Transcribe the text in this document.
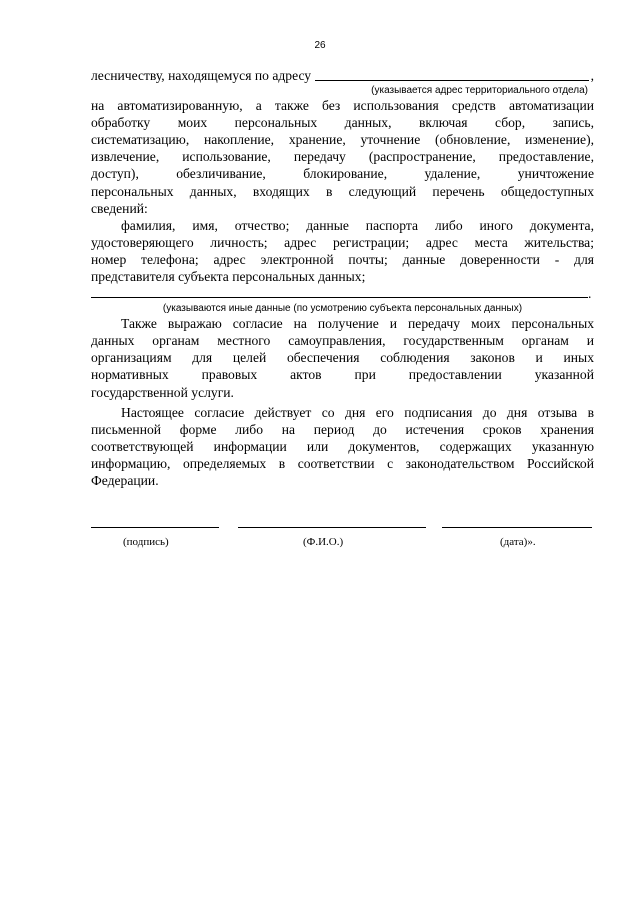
26
лесничеству, находящемуся по адресу	,
(указывается адрес территориального отдела)

на автоматизированную, а также без использования средств автоматизации

обработку моих персональных данных, включая сбор, запись,

систематизацию, накопление, хранение, уточнение (обновление, изменение),

извлечение, использование, передачу (распространение, предоставление,

доступ), обезличивание, блокирование, удаление, уничтожение

персональных данных, входящих в следующий перечень общедоступных

сведений:

фамилия, имя, отчество; данные паспорта либо иного документа,

удостоверяющего личность; адрес регистрации; адрес места жительства;

номер телефона; адрес электронной почты; данные доверенности - для

представителя субъекта персональных данных;

.
(указываются иные данные (по усмотрению субъекта персональных данных)

Также выражаю согласие на получение и передачу моих персональных

данных органам местного самоуправления, государственным органам и

организациям для целей обеспечения соблюдения законов и иных

нормативных правовых актов при предоставлении указанной

государственной услуги.

Настоящее согласие действует со дня его подписания до дня отзыва в

письменной форме либо на период до истечения сроков хранения

соответствующей информации или документов, содержащих указанную

информацию, определяемых в соответствии с законодательством Российской

Федерации.

(подпись)	(Ф.И.О.)	(дата)».
